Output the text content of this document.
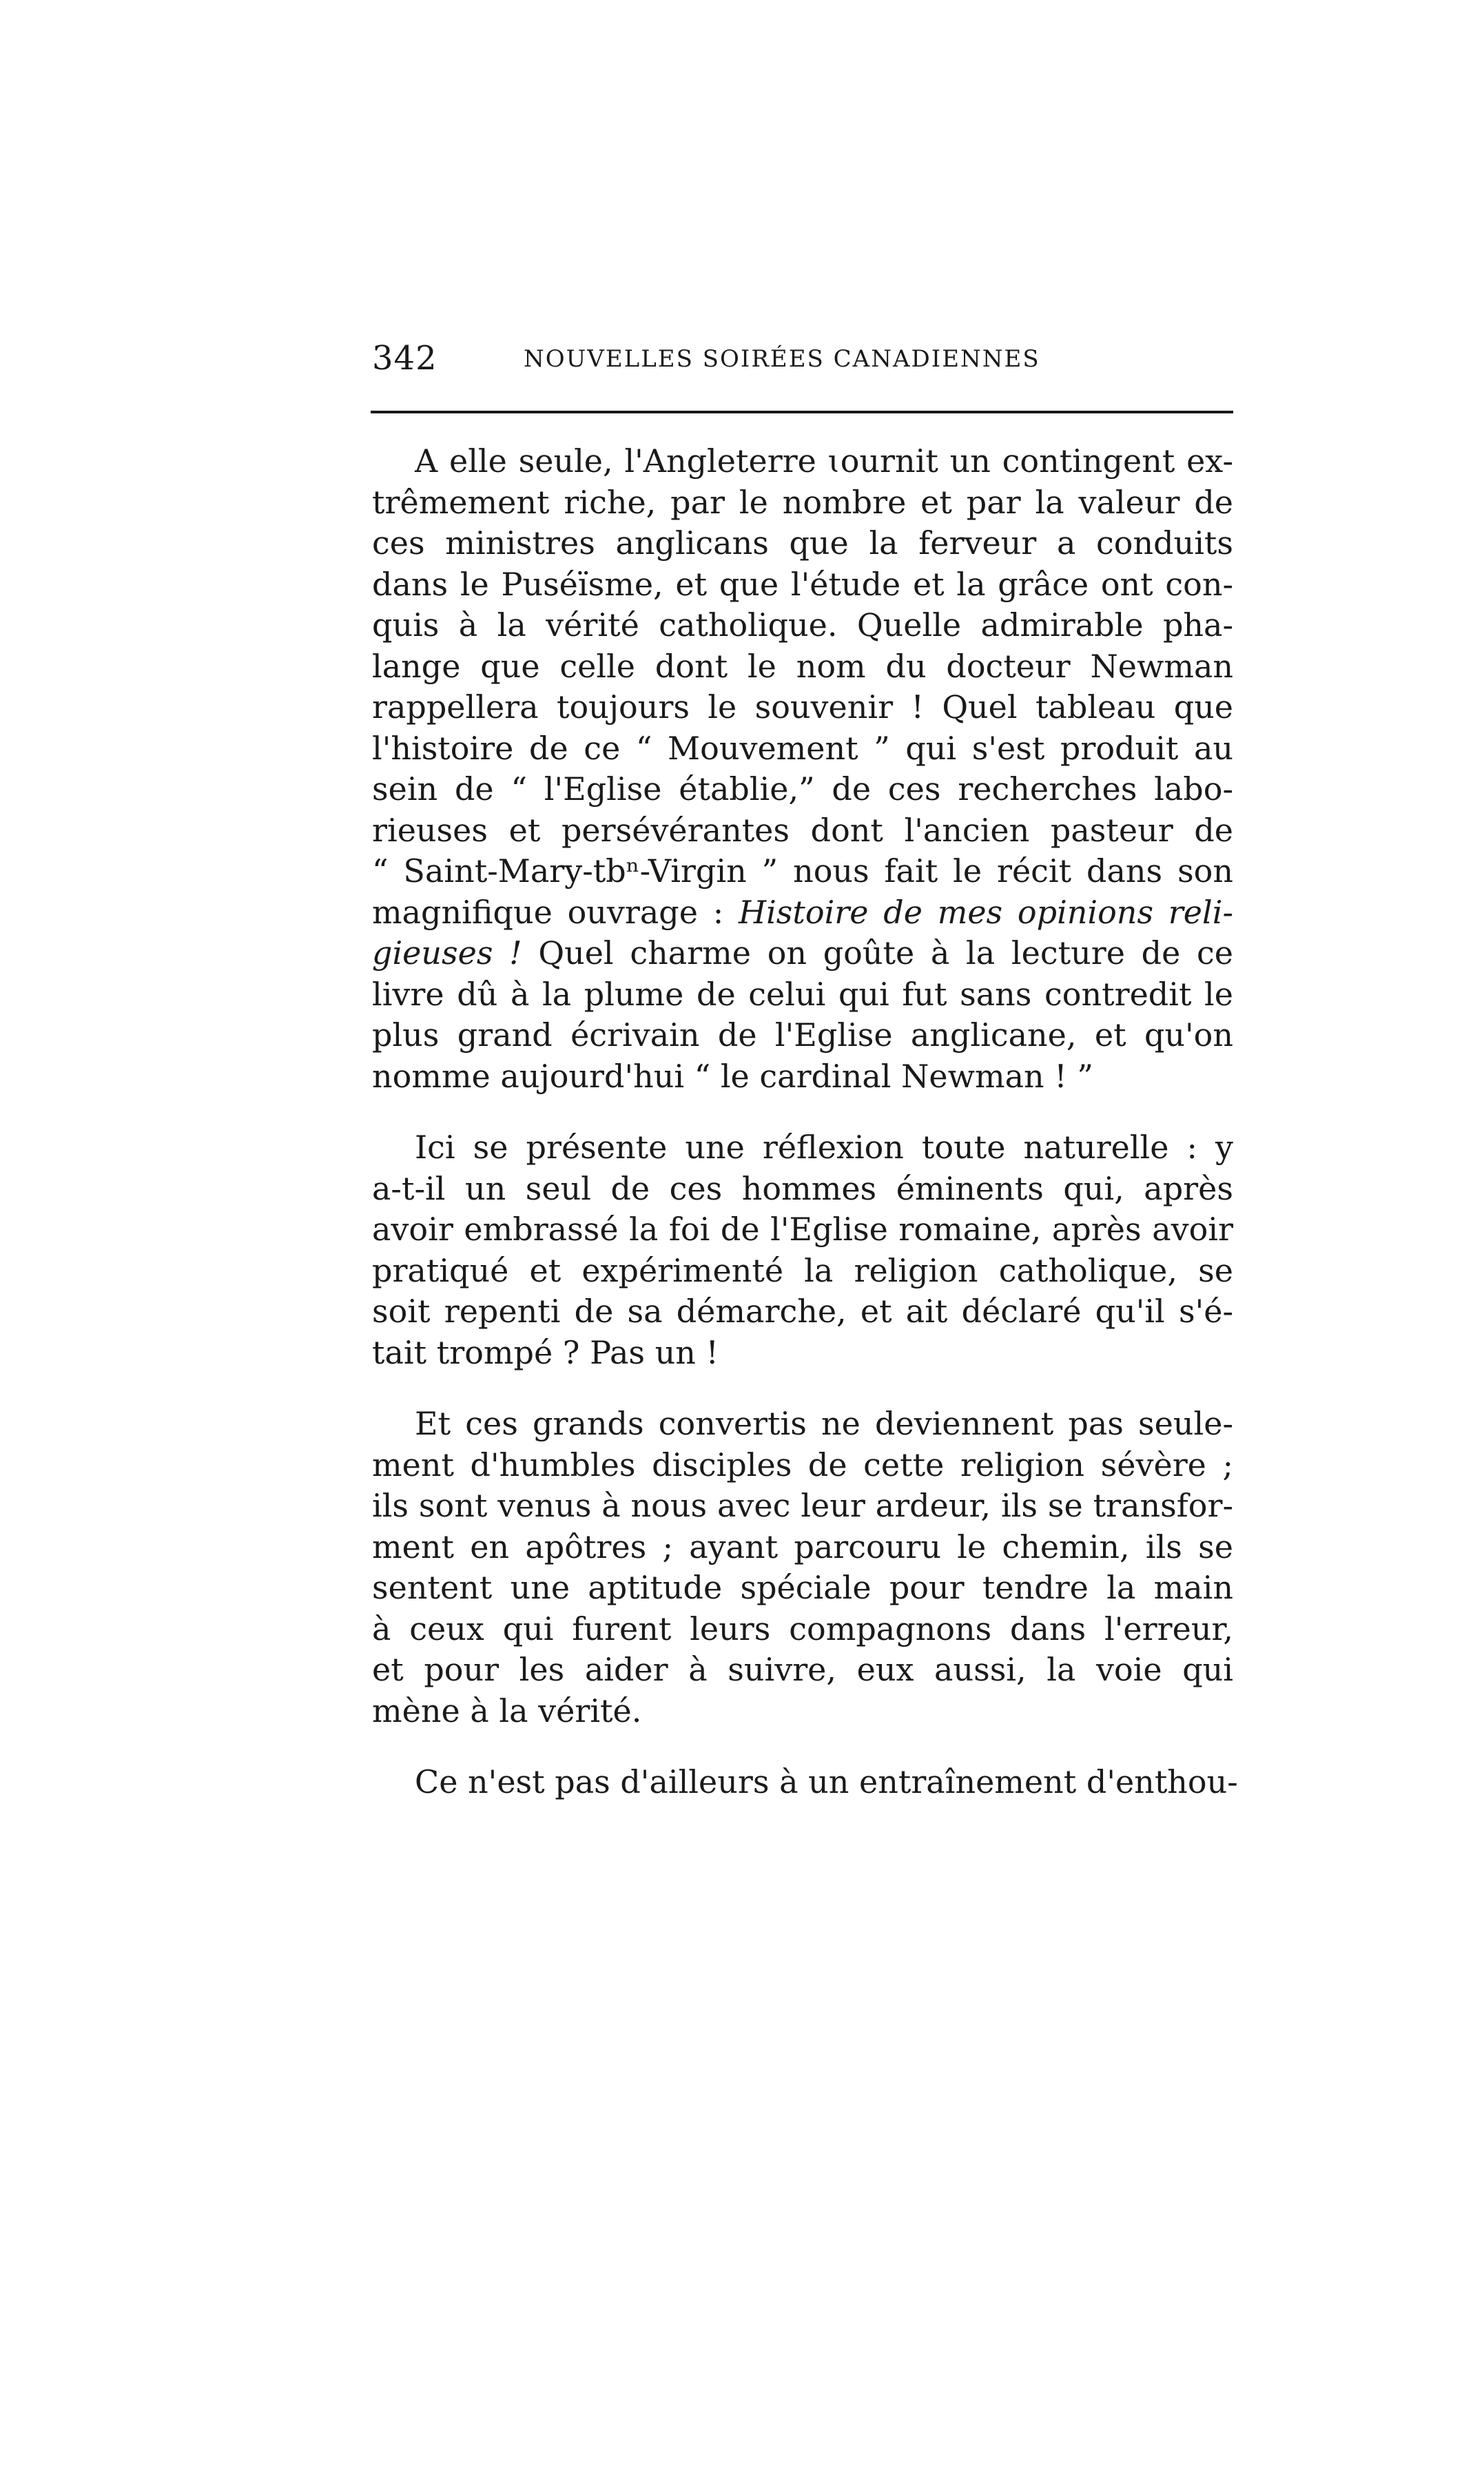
342	NOUVELLES SOIRÉES CANADIENNES
A elle seule, l'Angleterre ɩournit un contingent ex-
trêmement riche, par le nombre et par la valeur de
ces ministres anglicans que la ferveur a conduits
dans le Puséïsme, et que l'étude et la grâce ont con-
quis à la vérité catholique. Quelle admirable pha-
lange que celle dont le nom du docteur Newman
rappellera toujours le souvenir ! Quel tableau que
l'histoire de ce “ Mouvement ” qui s'est produit au
sein de “ l'Eglise établie,” de ces recherches labo-
rieuses et persévérantes dont l'ancien pasteur de
“ Saint-Mary-tbⁿ-Virgin ” nous fait le récit dans son
magnifique ouvrage : Histoire de mes opinions reli-
gieuses ! Quel charme on goûte à la lecture de ce
livre dû à la plume de celui qui fut sans contredit le
plus grand écrivain de l'Eglise anglicane, et qu'on
nomme aujourd'hui “ le cardinal Newman ! ”
Ici se présente une réflexion toute naturelle : y
a-t-il un seul de ces hommes éminents qui, après
avoir embrassé la foi de l'Eglise romaine, après avoir
pratiqué et expérimenté la religion catholique, se
soit repenti de sa démarche, et ait déclaré qu'il s'é-
tait trompé ? Pas un !
Et ces grands convertis ne deviennent pas seule-
ment d'humbles disciples de cette religion sévère ;
ils sont venus à nous avec leur ardeur, ils se transfor-
ment en apôtres ; ayant parcouru le chemin, ils se
sentent une aptitude spéciale pour tendre la main
à ceux qui furent leurs compagnons dans l'erreur,
et pour les aider à suivre, eux aussi, la voie qui
mène à la vérité.
Ce n'est pas d'ailleurs à un entraînement d'enthou-
